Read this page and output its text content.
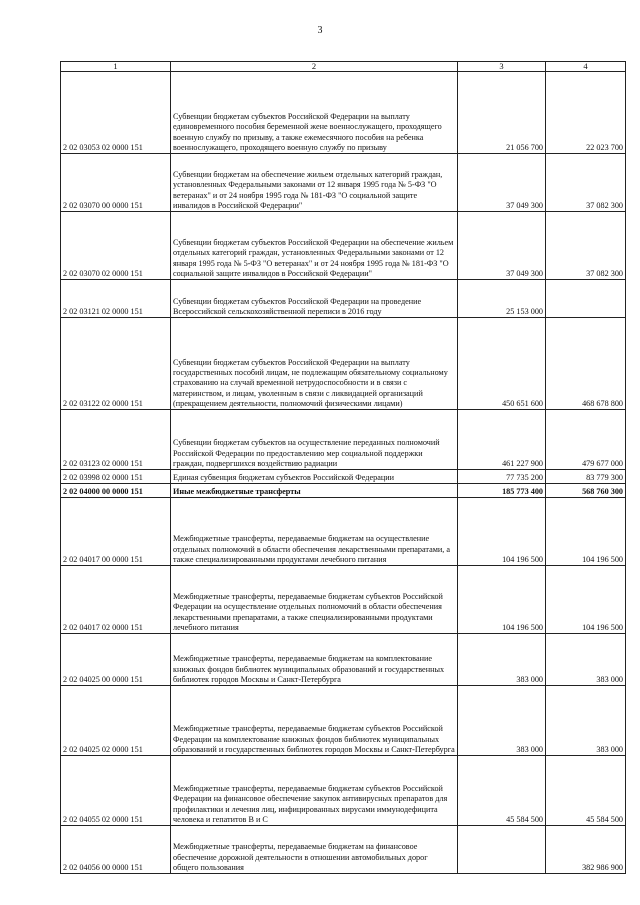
3
1	2	3	4
2 02 03053 02 0000 151	Субвенции бюджетам субъектов Российской Федерации на выплату единовременного пособия беременной жене военнослужащего, проходящего военную службу по призыву, а также ежемесячного пособия на ребенка военнослужащего, проходящего военную службу по призыву	21 056 700	22 023 700
2 02 03070 00 0000 151	Субвенции бюджетам на обеспечение жильем отдельных категорий граждан, установленных Федеральными законами от 12 января 1995 года № 5-ФЗ "О ветеранах" и от 24 ноября 1995 года № 181-ФЗ "О социальной защите инвалидов в Российской Федерации"	37 049 300	37 082 300
2 02 03070 02 0000 151	Субвенции бюджетам субъектов Российской Федерации на обеспечение жильем отдельных категорий граждан, установленных Федеральными законами от 12 января 1995 года № 5-ФЗ "О ветеранах" и от 24 ноября 1995 года № 181-ФЗ "О социальной защите инвалидов в Российской Федерации"	37 049 300	37 082 300
2 02 03121 02 0000 151	Субвенции бюджетам субъектов Российской Федерации на проведение Всероссийской сельскохозяйственной переписи в 2016 году	25 153 000	
2 02 03122 02 0000 151	Субвенции бюджетам субъектов Российской Федерации на выплату государственных пособий лицам, не подлежащим обязательному социальному страхованию на случай временной нетрудоспособности и в связи с материнством, и лицам, уволенным в связи с ликвидацией организаций (прекращением деятельности, полномочий физическими лицами)	450 651 600	468 678 800
2 02 03123 02 0000 151	Субвенции бюджетам субъектов на осуществление переданных полномочий Российской Федерации по предоставлению мер социальной поддержки граждан, подвергшихся воздействию радиации	461 227 900	479 677 000
2 02 03998 02 0000 151	Единая субвенция бюджетам субъектов Российской Федерации	77 735 200	83 779 300
2 02 04000 00 0000 151	Иные межбюджетные трансферты	185 773 400	568 760 300
2 02 04017 00 0000 151	Межбюджетные трансферты, передаваемые бюджетам на осуществление отдельных полномочий в области обеспечения лекарственными препаратами, а также специализированными продуктами лечебного питания	104 196 500	104 196 500
2 02 04017 02 0000 151	Межбюджетные трансферты, передаваемые бюджетам субъектов Российской Федерации на осуществление отдельных полномочий в области обеспечения лекарственными препаратами, а также специализированными продуктами лечебного питания	104 196 500	104 196 500
2 02 04025 00 0000 151	Межбюджетные трансферты, передаваемые бюджетам на комплектование книжных фондов библиотек муниципальных образований и государственных библиотек городов Москвы и Санкт-Петербурга	383 000	383 000
2 02 04025 02 0000 151	Межбюджетные трансферты, передаваемые бюджетам субъектов Российской Федерации на комплектование книжных фондов библиотек муниципальных образований и государственных библиотек городов Москвы и Санкт-Петербурга	383 000	383 000
2 02 04055 02 0000 151	Межбюджетные трансферты, передаваемые бюджетам субъектов Российской Федерации на финансовое обеспечение закупок антивирусных препаратов для профилактики и лечения лиц, инфицированных вирусами иммунодефицита человека и гепатитов В и С	45 584 500	45 584 500
2 02 04056 00 0000 151	Межбюджетные трансферты, передаваемые бюджетам на финансовое обеспечение дорожной деятельности в отношении автомобильных дорог общего пользования		382 986 900
